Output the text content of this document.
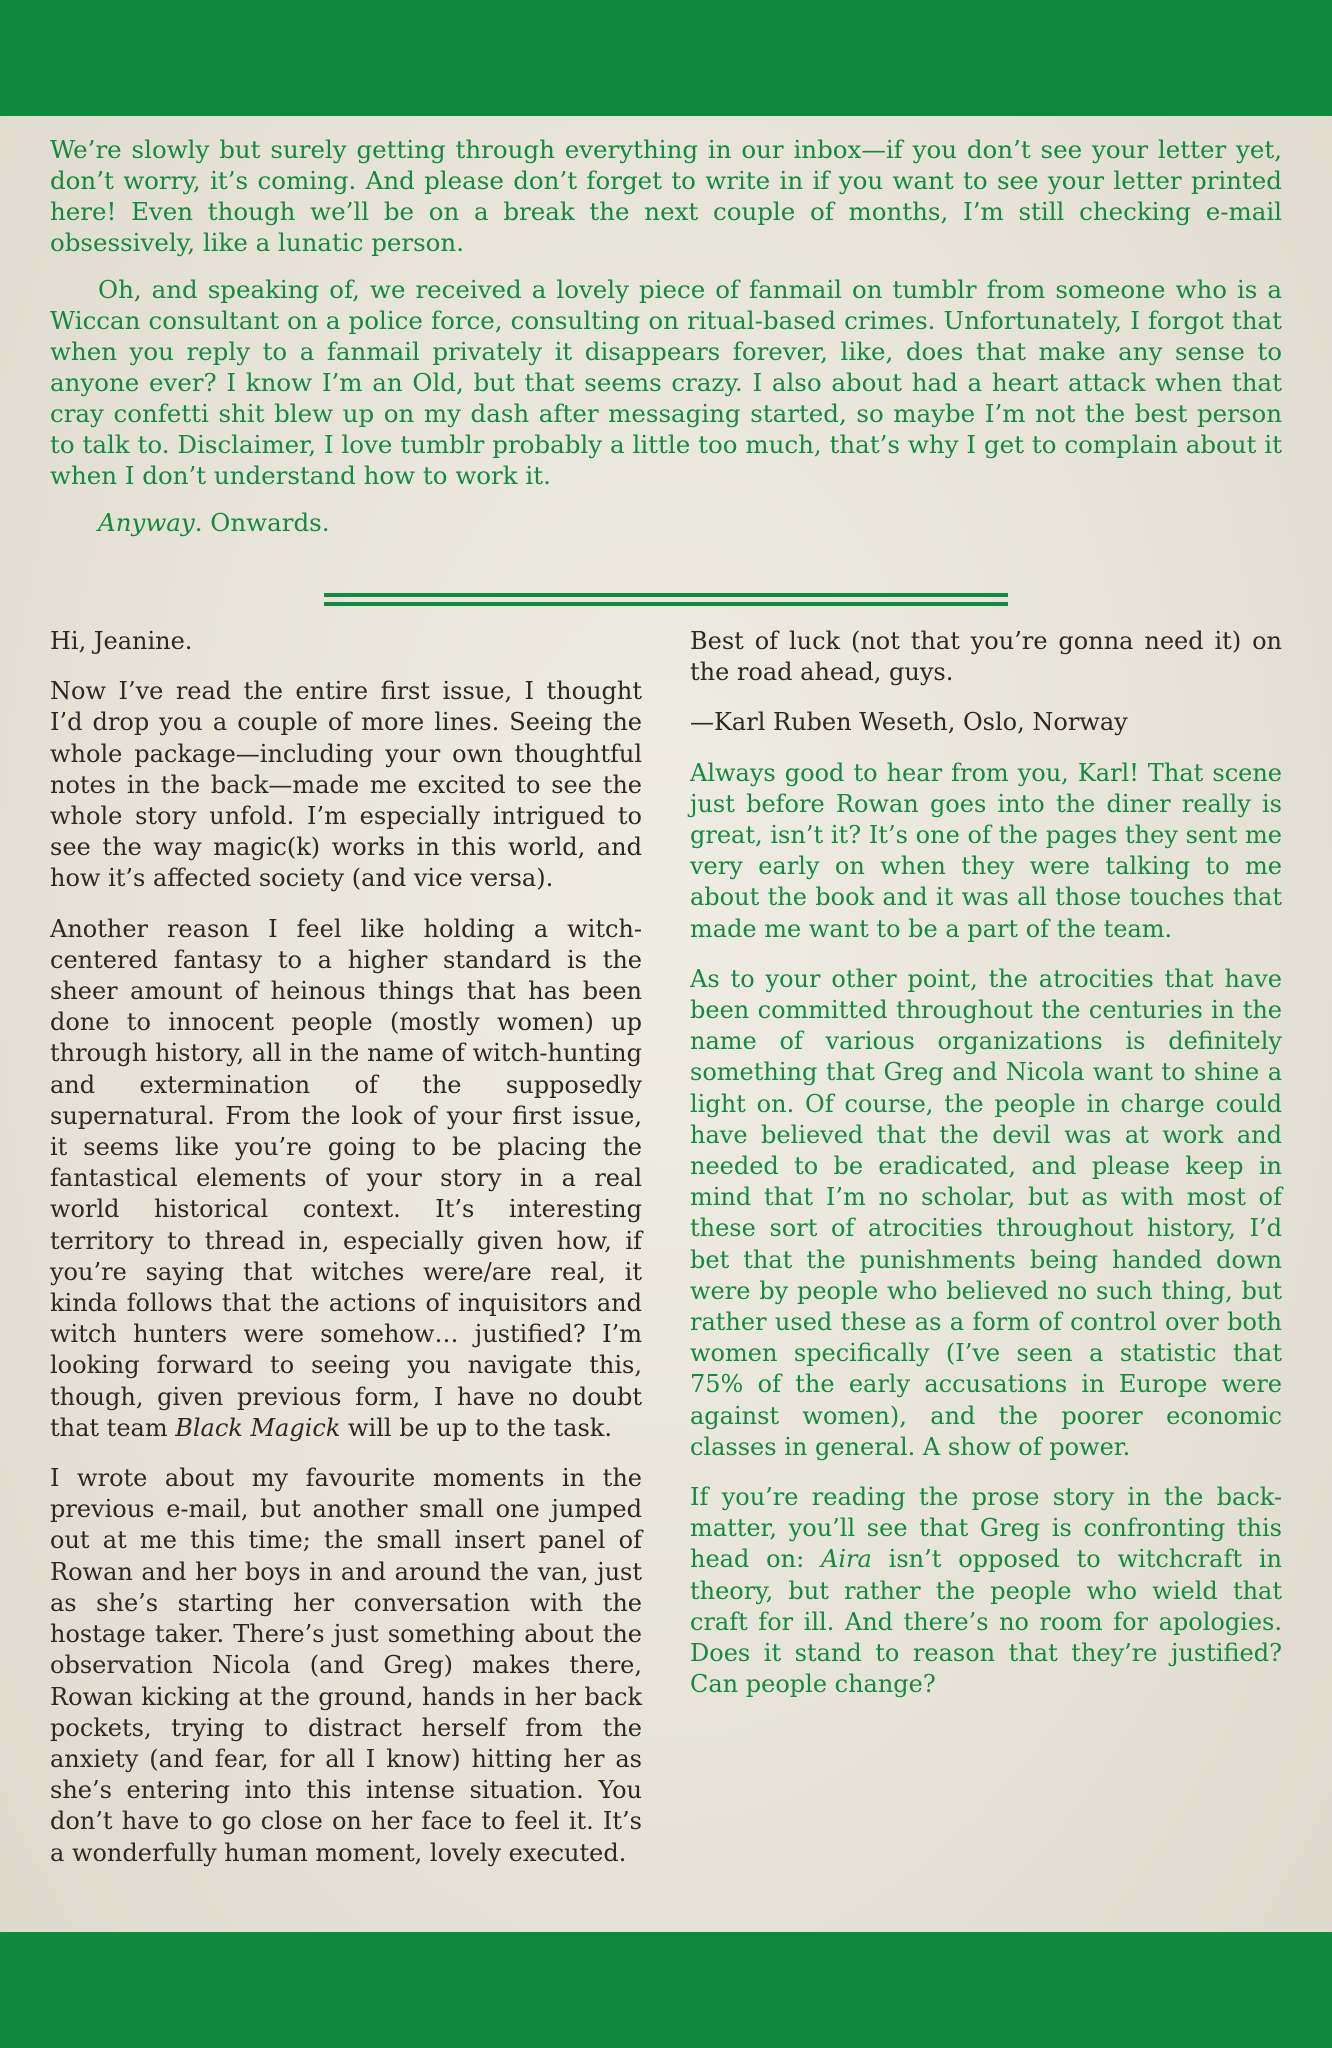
We’re slowly but surely getting through everything in our inbox—if you don’t see your letter yet, don’t worry, it’s coming. And please don’t forget to write in if you want to see your letter printed here! Even though we’ll be on a break the next couple of months, I’m still checking e-mail obsessively, like a lunatic person.

Oh, and speaking of, we received a lovely piece of fanmail on tumblr from someone who is a Wiccan consultant on a police force, consulting on ritual-based crimes. Unfortunately, I forgot that when you reply to a fanmail privately it disappears forever, like, does that make any sense to anyone ever? I know I’m an Old, but that seems crazy. I also about had a heart attack when that cray confetti shit blew up on my dash after messaging started, so maybe I’m not the best person to talk to. Disclaimer, I love tumblr probably a little too much, that’s why I get to complain about it when I don’t understand how to work it.

Anyway. Onwards.

Hi, Jeanine.

Now I’ve read the entire first issue, I thought I’d drop you a couple of more lines. Seeing the whole package—including your own thoughtful notes in the back—made me excited to see the whole story unfold. I’m especially intrigued to see the way magic(k) works in this world, and how it’s affected society (and vice versa).

Another reason I feel like holding a witch-centered fantasy to a higher standard is the sheer amount of heinous things that has been done to innocent people (mostly women) up through history, all in the name of witch-hunting and extermination of the supposedly supernatural. From the look of your first issue, it seems like you’re going to be placing the fantastical elements of your story in a real world historical context. It’s interesting territory to thread in, especially given how, if you’re saying that witches were/are real, it kinda follows that the actions of inquisitors and witch hunters were somehow… justified? I’m looking forward to seeing you navigate this, though, given previous form, I have no doubt that team Black Magick will be up to the task.

I wrote about my favourite moments in the previous e-mail, but another small one jumped out at me this time; the small insert panel of Rowan and her boys in and around the van, just as she’s starting her conversation with the hostage taker. There’s just something about the observation Nicola (and Greg) makes there, Rowan kicking at the ground, hands in her back pockets, trying to distract herself from the anxiety (and fear, for all I know) hitting her as she’s entering into this intense situation. You don’t have to go close on her face to feel it. It’s a wonderfully human moment, lovely executed.

Best of luck (not that you’re gonna need it) on the road ahead, guys.

—Karl Ruben Weseth, Oslo, Norway

Always good to hear from you, Karl! That scene just before Rowan goes into the diner really is great, isn’t it? It’s one of the pages they sent me very early on when they were talking to me about the book and it was all those touches that made me want to be a part of the team.

As to your other point, the atrocities that have been committed throughout the centuries in the name of various organizations is definitely something that Greg and Nicola want to shine a light on. Of course, the people in charge could have believed that the devil was at work and needed to be eradicated, and please keep in mind that I’m no scholar, but as with most of these sort of atrocities throughout history, I’d bet that the punishments being handed down were by people who believed no such thing, but rather used these as a form of control over both women specifically (I’ve seen a statistic that 75% of the early accusations in Europe were against women), and the poorer economic classes in general. A show of power.

If you’re reading the prose story in the back-matter, you’ll see that Greg is confronting this head on: Aira isn’t opposed to witchcraft in theory, but rather the people who wield that craft for ill. And there’s no room for apologies. Does it stand to reason that they’re justified? Can people change?
